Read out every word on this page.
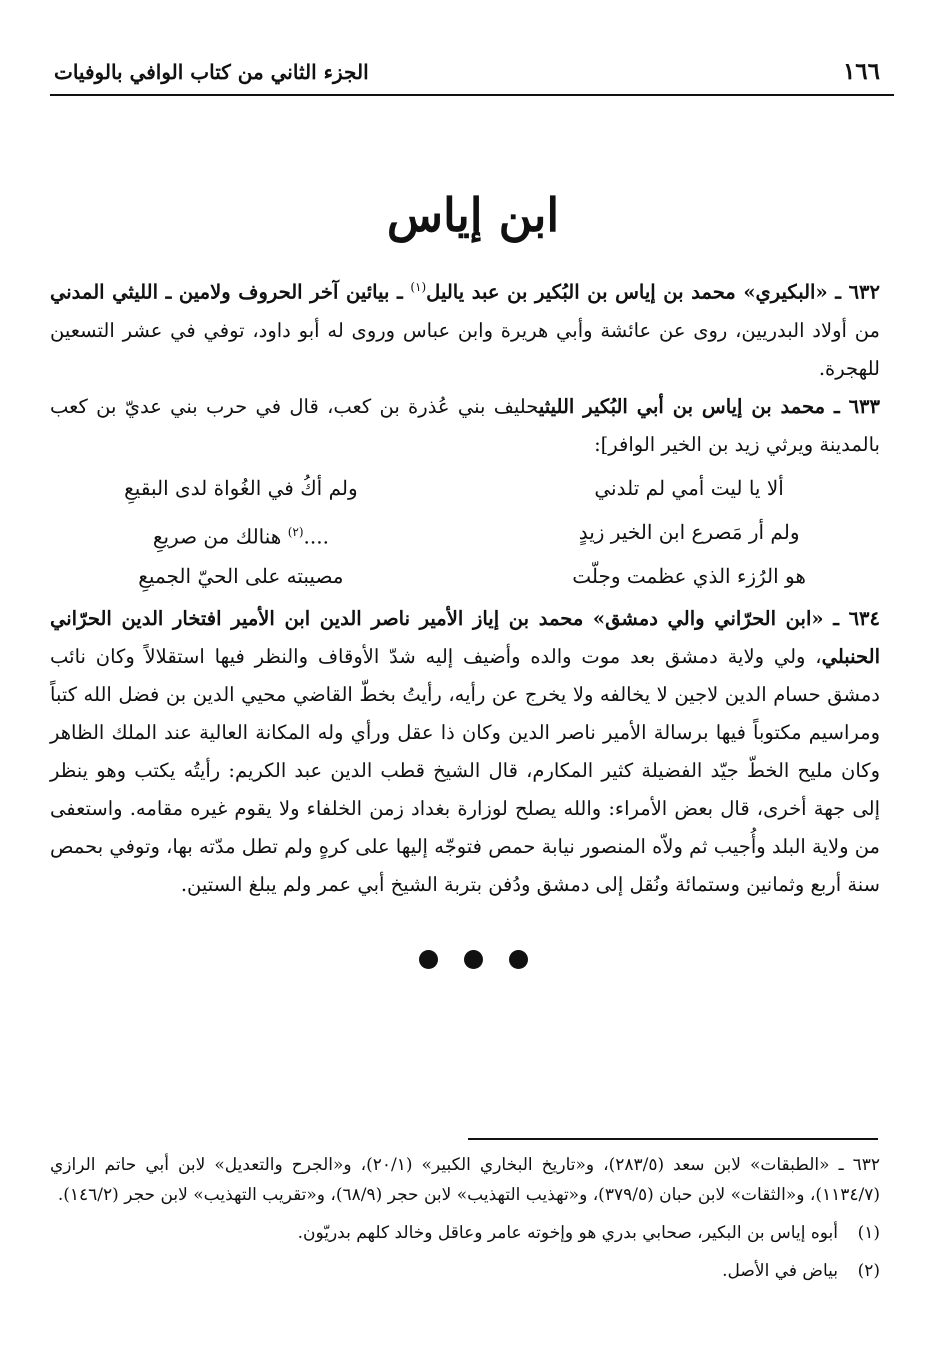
١٦٦
الجزء الثاني من كتاب الوافي بالوفيات
ابن إياس

٦٣٢ ـ «البكيري» محمد بن إياس بن البُكير بن عبد ياليل$^{(١)}$ ـ بيائين آخر الحروف ولامين ـ الليثي المدني من أولاد البدريين، روى عن عائشة وأبي هريرة وابن عباس وروى له أبو داود، توفي في عشر التسعين للهجرة.

٦٣٣ ـ محمد بن إياس بن أبي البُكير الليثيحليف بني عُذرة بن كعب، قال في حرب بني عديّ بن كعب بالمدينة ويرثي زيد بن الخير الوافر]:

ألا يا ليت أمي لم تلدني
ولم أكُ في الغُواة لدى البقيعِ
ولم أر مَصرع ابن الخير زيدٍ
....$^{(٢)}$ هنالك من صريعِ
هو الرُزء الذي عظمت وجلّت
مصيبته على الحيّ الجميعِ

٦٣٤ ـ «ابن الحرّاني والي دمشق» محمد بن إياز الأمير ناصر الدين ابن الأمير افتخار الدين الحرّاني الحنبلي، ولي ولاية دمشق بعد موت والده وأضيف إليه شدّ الأوقاف والنظر فيها استقلالاً وكان نائب دمشق حسام الدين لاجين لا يخالفه ولا يخرج عن رأيه، رأيتُ بخطّ القاضي محيي الدين بن فضل الله كتباً ومراسيم مكتوباً فيها برسالة الأمير ناصر الدين وكان ذا عقل ورأي وله المكانة العالية عند الملك الظاهر وكان مليح الخطّ جيّد الفضيلة كثير المكارم، قال الشيخ قطب الدين عبد الكريم: رأيتُه يكتب وهو ينظر إلى جهة أخرى، قال بعض الأمراء: والله يصلح لوزارة بغداد زمن الخلفاء ولا يقوم غيره مقامه. واستعفى من ولاية البلد وأُجيب ثم ولاّه المنصور نيابة حمص فتوجّه إليها على كرهٍ ولم تطل مدّته بها، وتوفي بحمص سنة أربع وثمانين وستمائة ونُقل إلى دمشق ودُفن بتربة الشيخ أبي عمر ولم يبلغ الستين.

٦٣٢ ـ «الطبقات» لابن سعد (٢٨٣/٥)، و«تاريخ البخاري الكبير» (٢٠/١)، و«الجرح والتعديل» لابن أبي حاتم الرازي (١١٣٤/٧)، و«الثقات» لابن حبان (٣٧٩/٥)، و«تهذيب التهذيب» لابن حجر (٦٨/٩)، و«تقريب التهذيب» لابن حجر (١٤٦/٢).

(١)أبوه إياس بن البكير، صحابي بدري هو وإخوته عامر وعاقل وخالد كلهم بدريّون.

(٢)بياض في الأصل.
